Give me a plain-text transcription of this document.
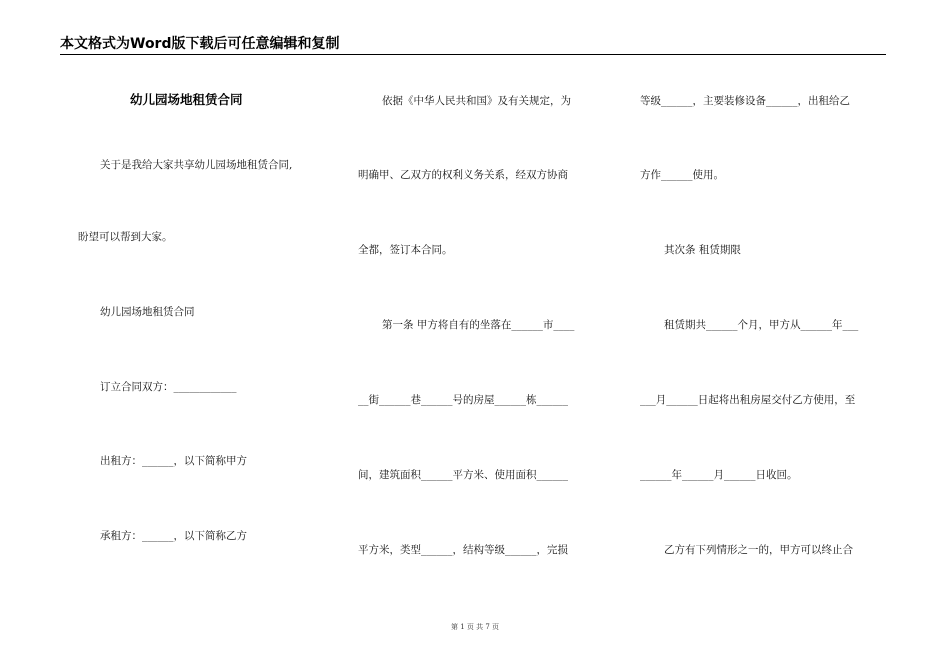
本文格式为Word版下载后可任意编辑和复制
幼儿园场地租赁合同
关于是我给大家共享幼儿园场地租赁合同,
盼望可以帮到大家。
幼儿园场地租赁合同
订立合同双方：____________
出租方：______，以下简称甲方
承租方：______，以下简称乙方
依据《中华人民共和国》及有关规定，为
明确甲、乙双方的权利义务关系，经双方协商
全都，签订本合同。
第一条 甲方将自有的坐落在______市____
__街______巷______号的房屋______栋______
间，建筑面积______平方米、使用面积______
平方米，类型______，结构等级______，完损
等级______，主要装修设备______，出租给乙
方作______使用。
其次条 租赁期限
租赁期共______个月，甲方从______年___
___月______日起将出租房屋交付乙方使用，至
______年______月______日收回。
乙方有下列情形之一的，甲方可以终止合
第 1 页 共 7 页
